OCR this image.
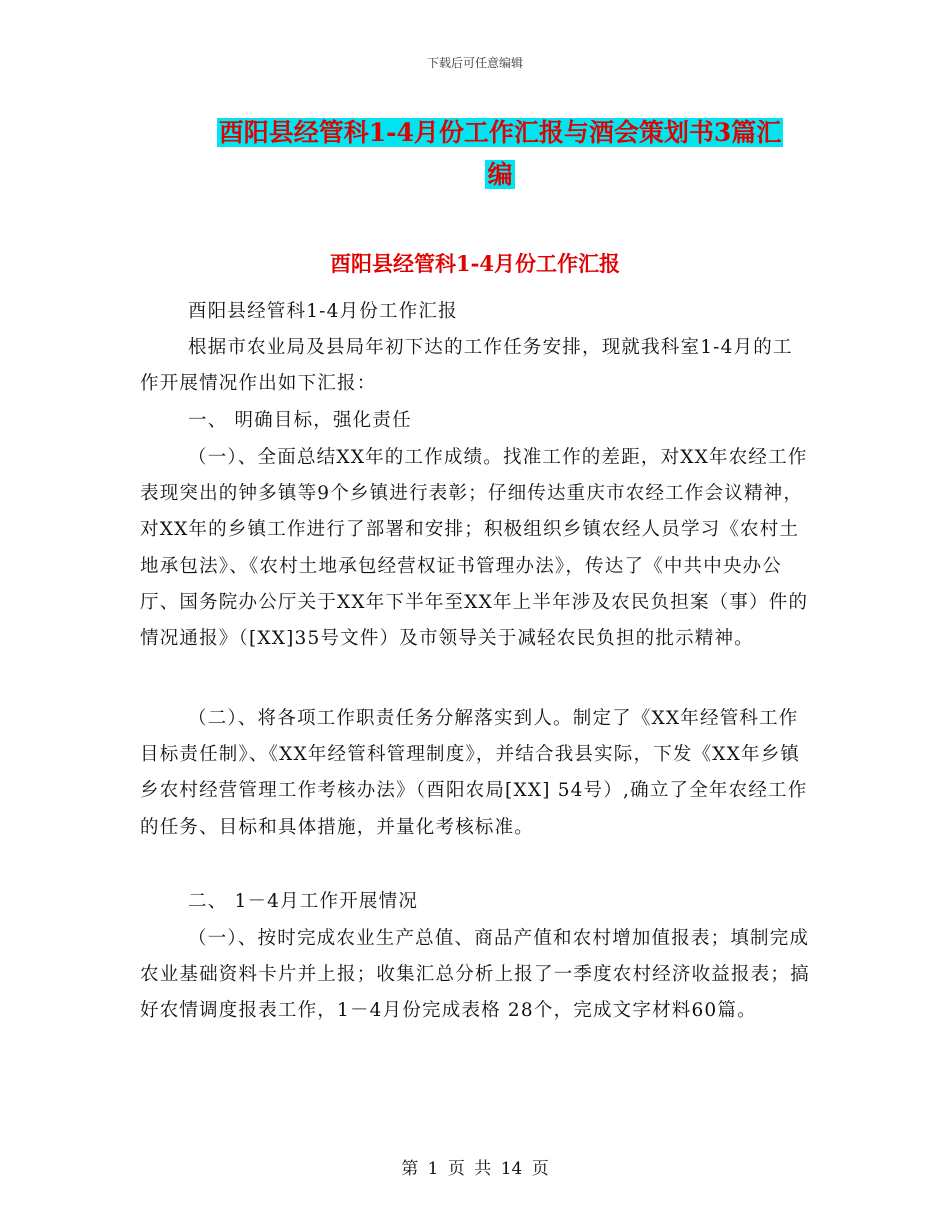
下载后可任意编辑
酉阳县经管科1-4月份工作汇报与酒会策划书3篇汇
编
酉阳县经管科1-4月份工作汇报

酉阳县经管科1-4月份工作汇报

根据市农业局及县局年初下达的工作任务安排，现就我科室1-4月的工作开展情况作出如下汇报：

一、 明确目标，强化责任

（一）、全面总结XX年的工作成绩。找准工作的差距，对XX年农经工作表现突出的钟多镇等9个乡镇进行表彰；仔细传达重庆市农经工作会议精神，对XX年的乡镇工作进行了部署和安排；积极组织乡镇农经人员学习《农村土地承包法》、《农村土地承包经营权证书管理办法》，传达了《中共中央办公厅、国务院办公厅关于XX年下半年至XX年上半年涉及农民负担案（事）件的情况通报》（[XX]35号文件）及市领导关于减轻农民负担的批示精神。

（二）、将各项工作职责任务分解落实到人。制定了《XX年经管科工作目标责任制》、《XX年经管科管理制度》，并结合我县实际，下发《XX年乡镇乡农村经营管理工作考核办法》（酉阳农局[XX] 54号）,确立了全年农经工作的任务、目标和具体措施，并量化考核标准。

二、 1－4月工作开展情况

（一）、按时完成农业生产总值、商品产值和农村增加值报表；填制完成农业基础资料卡片并上报；收集汇总分析上报了一季度农村经济收益报表；搞好农情调度报表工作，1－4月份完成表格 28个，完成文字材料60篇。

第 1 页 共 14 页
